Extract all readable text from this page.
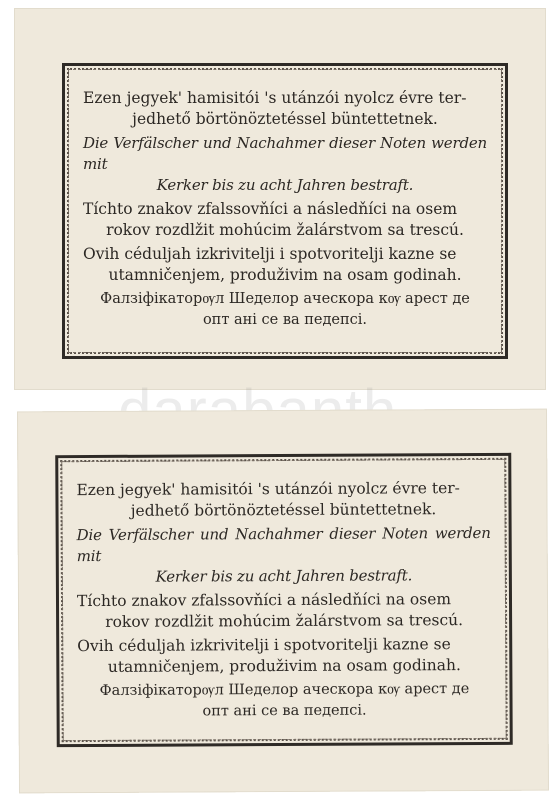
Ezen jegyek' hamisitói 's utánzói nyolcz évre ter-
jedhető börtönöztetéssel büntettetnek.

Die Verfälscher und Nachahmer dieser Noten werden mit
Kerker bis zu acht Jahren bestraft.

Tíchto znakov zfalssovňíci a následňíci na osem
rokov rozdlžit mohúcim žalárstvom sa trescú.

Ovih céduljah izkrivitelji i spotvoritelji kazne se
utamničenjem, produživim na osam godinah.

Фалзіфікаторѹл Шеделор аческора кѹ арест де
опт ані се ва педепсі.

Ezen jegyek' hamisitói 's utánzói nyolcz évre ter-
jedhető börtönöztetéssel büntettetnek.

Die Verfälscher und Nachahmer dieser Noten werden mit
Kerker bis zu acht Jahren bestraft.

Tíchto znakov zfalssovňíci a následňíci na osem
rokov rozdlžit mohúcim žalárstvom sa trescú.

Ovih céduljah izkrivitelji i spotvoritelji kazne se
utamničenjem, produživim na osam godinah.

Фалзіфікаторѹл Шеделор аческора кѹ арест де
опт ані се ва педепсі.
